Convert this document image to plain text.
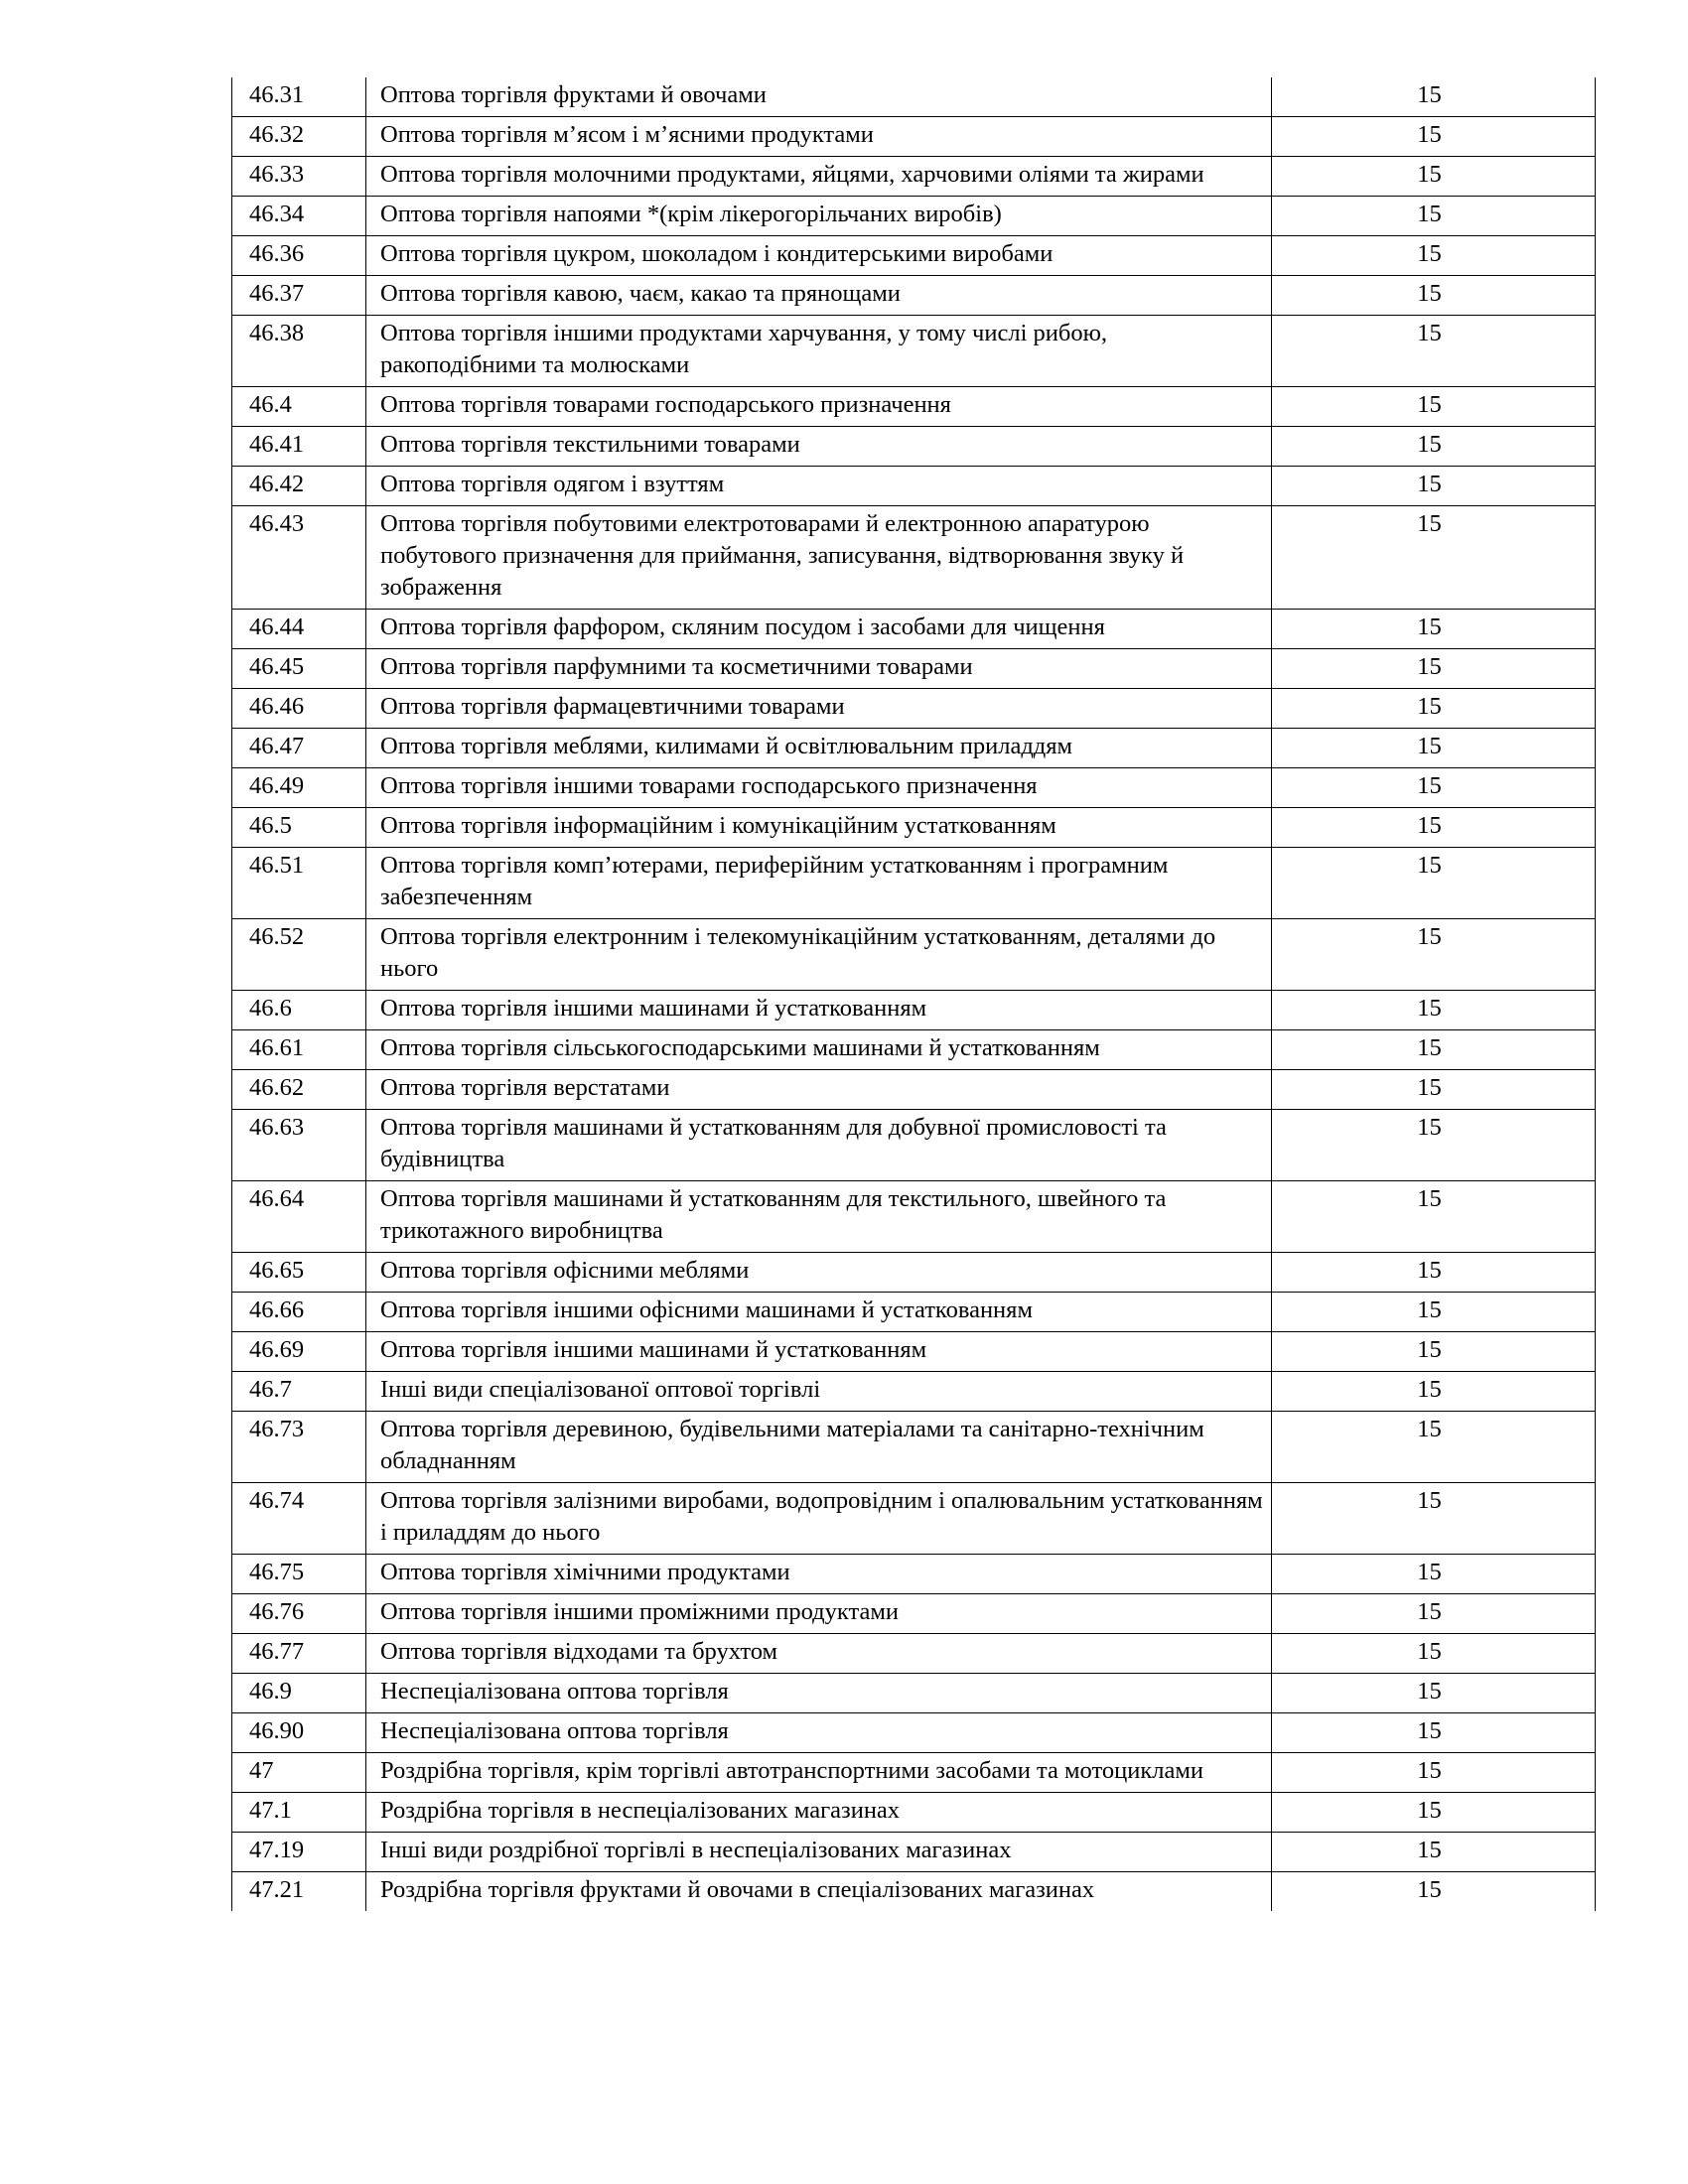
46.31	Оптова торгівля фруктами й овочами	15
46.32	Оптова торгівля м’ясом і м’ясними продуктами	15
46.33	Оптова торгівля молочними продуктами, яйцями, харчовими оліями та жирами	15
46.34	Оптова торгівля напоями *(крім лікерогорільчаних виробів)	15
46.36	Оптова торгівля цукром, шоколадом і кондитерськими виробами	15
46.37	Оптова торгівля кавою, чаєм, какао та прянощами	15
46.38	Оптова торгівля іншими продуктами харчування, у тому числі рибою, ракоподібними та молюсками	15
46.4	Оптова торгівля товарами господарського призначення	15
46.41	Оптова торгівля текстильними товарами	15
46.42	Оптова торгівля одягом і взуттям	15
46.43	Оптова торгівля побутовими електротоварами й електронною апаратурою побутового призначення для приймання, записування, відтворювання звуку й зображення	15
46.44	Оптова торгівля фарфором, скляним посудом і засобами для чищення	15
46.45	Оптова торгівля парфумними та косметичними товарами	15
46.46	Оптова торгівля фармацевтичними товарами	15
46.47	Оптова торгівля меблями, килимами й освітлювальним приладдям	15
46.49	Оптова торгівля іншими товарами господарського призначення	15
46.5	Оптова торгівля інформаційним і комунікаційним устаткованням	15
46.51	Оптова торгівля комп’ютерами, периферійним устаткованням і програмним забезпеченням	15
46.52	Оптова торгівля електронним і телекомунікаційним устаткованням, деталями до нього	15
46.6	Оптова торгівля іншими машинами й устаткованням	15
46.61	Оптова торгівля сільськогосподарськими машинами й устаткованням	15
46.62	Оптова торгівля верстатами	15
46.63	Оптова торгівля машинами й устаткованням для добувної промисловості та будівництва	15
46.64	Оптова торгівля машинами й устаткованням для текстильного, швейного та трикотажного виробництва	15
46.65	Оптова торгівля офісними меблями	15
46.66	Оптова торгівля іншими офісними машинами й устаткованням	15
46.69	Оптова торгівля іншими машинами й устаткованням	15
46.7	Інші види спеціалізованої оптової торгівлі	15
46.73	Оптова торгівля деревиною, будівельними матеріалами та санітарно-технічним обладнанням	15
46.74	Оптова торгівля залізними виробами, водопровідним і опалювальним устаткованням і приладдям до нього	15
46.75	Оптова торгівля хімічними продуктами	15
46.76	Оптова торгівля іншими проміжними продуктами	15
46.77	Оптова торгівля відходами та брухтом	15
46.9	Неспеціалізована оптова торгівля	15
46.90	Неспеціалізована оптова торгівля	15
47	Роздрібна торгівля, крім торгівлі автотранспортними засобами та мотоциклами	15
47.1	Роздрібна торгівля в неспеціалізованих магазинах	15
47.19	Інші види роздрібної торгівлі в неспеціалізованих магазинах	15
47.21	Роздрібна торгівля фруктами й овочами в спеціалізованих магазинах	15
